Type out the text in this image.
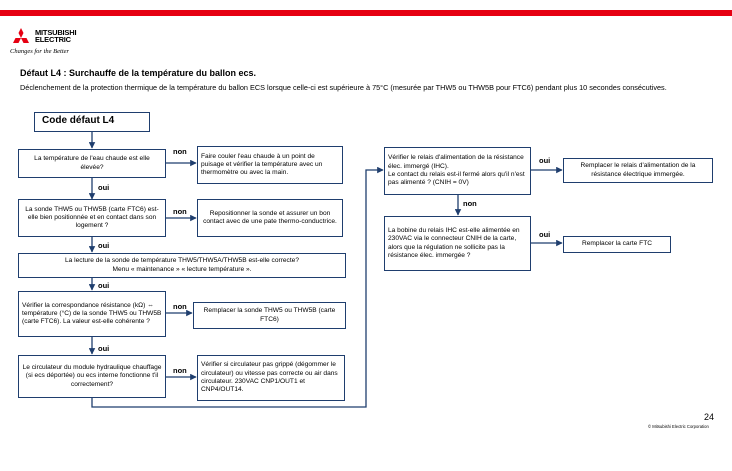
MITSUBISHI
ELECTRIC
Changes for the Better
Défaut L4 : Surchauffe de la température du ballon ecs.
Déclenchement de la protection thermique de la température du ballon ECS lorsque celle-ci est supérieure à 75°C (mesurée par THW5 ou THW5B pour FTC6) pendant plus 10 secondes consécutives.
Code défaut L4
La température de l'eau chaude est elle élevée?
La sonde THW5 ou THW5B (carte FTC6) est-elle bien positionnée et en contact dans son logement ?
La lecture de la sonde de température THW5/THW5A/THW5B est-elle correcte?
Menu « maintenance » « lecture température ».
Vérifier la correspondance résistance (kΩ) ⇔ température (°C) de la sonde THW5 ou THW5B (carte FTC6). La valeur est-elle cohérente ?
Le circulateur du module hydraulique chauffage (si ecs déportée) ou ecs interne fonctionne t'il correctement?
Faire couler l'eau chaude à un point de puisage et vérifier la température avec un thermomètre ou avec la main.
Repositionner la sonde et assurer un bon contact avec de une pate thermo-conductrice.
Remplacer la sonde THW5 ou THW5B (carte FTC6)
Vérifier si circulateur pas grippé (dégommer le circulateur) ou vitesse pas correcte ou air dans circulateur. 230VAC CNP1/OUT1 et CNP4/OUT14.
Vérifier le relais d'alimentation de la résistance élec. immergé (IHC).
Le contact du relais est-il fermé alors qu'il n'est pas alimenté ? (CNIH = 0V)
La bobine du relais IHC est-elle alimentée en 230VAC via le connecteur CNIH de la carte, alors que la régulation ne sollicite pas la résistance élec. immergée ?
Remplacer le relais d'alimentation de la résistance électrique immergée.
Remplacer la carte FTC
non
oui
non
oui
oui
non
oui
non
oui
non
oui
24
© Mitsubishi Electric Corporation
